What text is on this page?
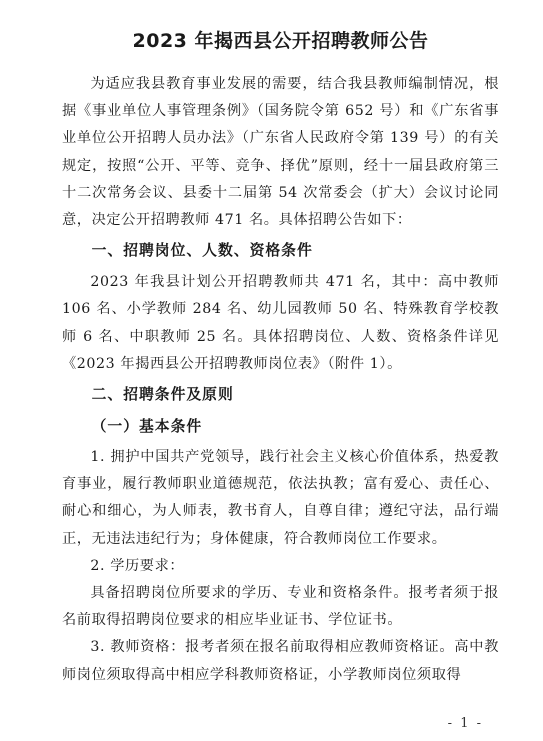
2023 年揭西县公开招聘教师公告

为适应我县教育事业发展的需要，结合我县教师编制情况，根据《事业单位人事管理条例》（国务院令第 652 号）和《广东省事业单位公开招聘人员办法》（广东省人民政府令第 139 号）的有关规定，按照“公开、平等、竞争、择优”原则，经十一届县政府第三十二次常务会议、县委十二届第 54 次常委会（扩大）会议讨论同意，决定公开招聘教师 471 名。具体招聘公告如下：

一、招聘岗位、人数、资格条件

2023 年我县计划公开招聘教师共 471 名，其中：高中教师 106 名、小学教师 284 名、幼儿园教师 50 名、特殊教育学校教师 6 名、中职教师 25 名。具体招聘岗位、人数、资格条件详见《2023 年揭西县公开招聘教师岗位表》（附件 1）。

二、招聘条件及原则
（一）基本条件

1. 拥护中国共产党领导，践行社会主义核心价值体系，热爱教育事业，履行教师职业道德规范，依法执教；富有爱心、责任心、耐心和细心，为人师表，教书育人，自尊自律；遵纪守法，品行端正，无违法违纪行为；身体健康，符合教师岗位工作要求。

2. 学历要求：

具备招聘岗位所要求的学历、专业和资格条件。报考者须于报名前取得招聘岗位要求的相应毕业证书、学位证书。

3. 教师资格：报考者须在报名前取得相应教师资格证。高中教师岗位须取得高中相应学科教师资格证，小学教师岗位须取得

- 1 -
